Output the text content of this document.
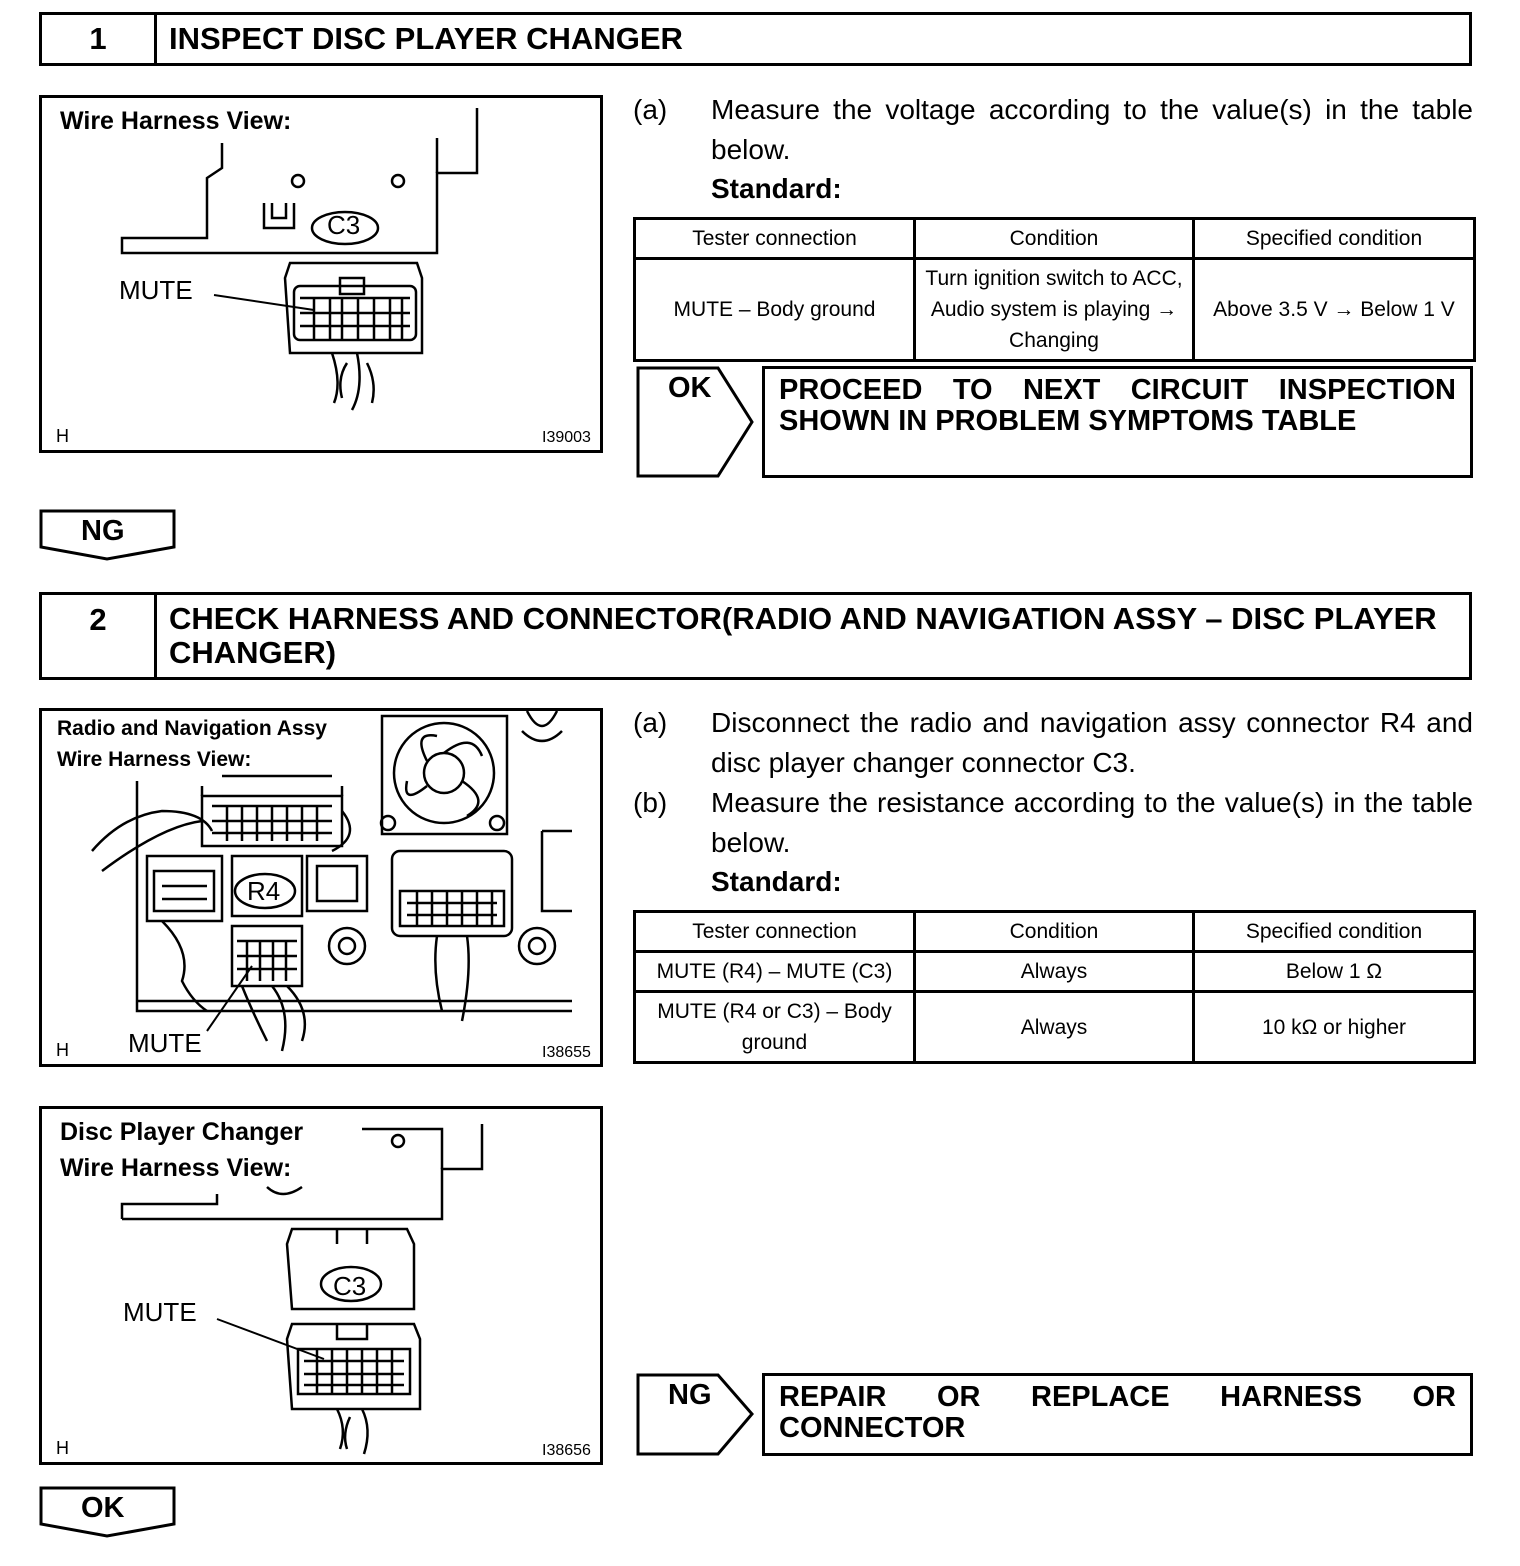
1	INSPECT DISC PLAYER CHANGER
Wire Harness View:
C3
MUTE
H	I39003
(a) Measure the voltage according to the value(s) in the table below.
Standard:
Tester connection	Condition	Specified condition
MUTE – Body ground	Turn ignition switch to ACC, Audio system is playing → Changing	Above 3.5 V → Below 1 V
OK PROCEED TO NEXT CIRCUIT INSPECTION
SHOWN IN PROBLEM SYMPTOMS TABLE
NG
2	CHECK HARNESS AND CONNECTOR(RADIO AND NAVIGATION ASSY – DISC PLAYER CHANGER)
Radio and Navigation Assy
Wire Harness View:
R4
MUTE
H	I38655
Disc Player Changer
Wire Harness View:
C3
MUTE
H	I38656
(a) Disconnect the radio and navigation assy connector R4 and disc player changer connector C3.
(b) Measure the resistance according to the value(s) in the table below.
Standard:
Tester connection	Condition	Specified condition
MUTE (R4) – MUTE (C3)	Always	Below 1 Ω
MUTE (R4 or C3) – Body ground	Always	10 kΩ or higher
NG REPAIR OR REPLACE HARNESS OR
CONNECTOR
OK
